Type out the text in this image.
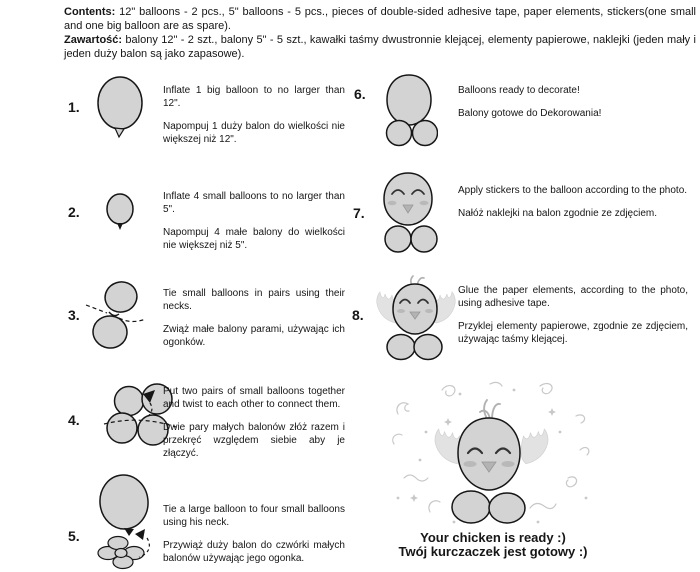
Contents: 12" balloons - 2 pcs., 5" balloons - 5 pcs., pieces of double-sided adhesive tape, paper elements, stickers(one small and one big balloon are as spare).

Zawartość: balony 12" - 2 szt., balony 5" - 5 szt., kawałki taśmy dwustronnie klejącej, elementy papierowe, naklejki (jeden mały i jeden duży balon są jako zapasowe).

1.
2.
3.
4.
5.
6.
7.
8.

Inflate 1 big balloon to no larger than 12".

Napompuj 1 duży balon do wielkości nie większej niż 12".

Inflate 4 small balloons to no larger than 5".

Napompuj 4 małe balony do wielkości nie większej niż 5".

Tie small balloons in pairs using their necks.

Zwiąż małe balony parami, używając ich ogonków.

Put two pairs of small balloons together and twist to each other to connect them.

Dwie pary małych balonów złóż razem i przekręć względem siebie aby je złączyć.

Tie a large balloon to four small balloons using his neck.

Przywiąż duży balon do czwórki małych balonów używając jego ogonka.

Balloons ready to decorate!

Balony gotowe do Dekorowania!

Apply stickers to the balloon according to the photo.

Nałóż naklejki na balon zgodnie ze zdjęciem.

Glue the paper elements, according to the photo, using adhesive tape.

Przyklej elementy papierowe, zgodnie ze zdjęciem, używając taśmy klejącej.

Your chicken is ready :)

Twój kurczaczek jest gotowy :)
